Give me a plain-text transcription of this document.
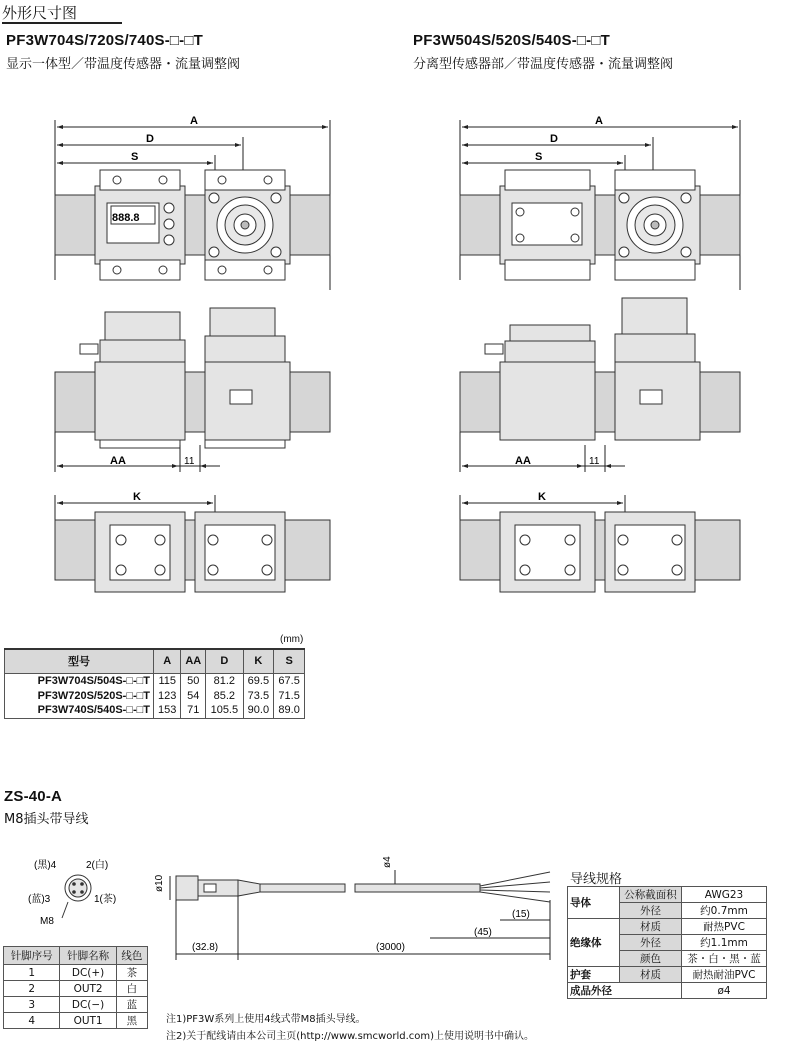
外形尺寸图
PF3W704S/720S/740S-□-□T
显示一体型／带温度传感器・流量调整阀
PF3W504S/520S/540S-□-□T
分离型传感器部／带温度传感器・流量调整阀
A
D
S
888.8
AA	11
K
A
D
S
AA	11
K
(mm)
型号	A	AA	D	K	S
PF3W704S/504S-□-□T	115	50	81.2	69.5	67.5
PF3W720S/520S-□-□T	123	54	85.2	73.5	71.5
PF3W740S/540S-□-□T	153	71	105.5	90.0	89.0
ZS-40-A
M8插头带导线
(黑)4	2(白)
(蓝)3	1(茶)
M8
ø10
ø4
(15)
(45)
(32.8)	(3000)
针脚序号	针脚名称	线色
1	DC(+)	茶
2	OUT2	白
3	DC(−)	蓝
4	OUT1	黑
导线规格
导体	公称截面积	AWG23
	外径	约0.7mm
绝缘体	材质	耐热PVC
	外径	约1.1mm
	颜色	茶・白・黑・蓝
护套	材质	耐热耐油PVC
成品外径		ø4
注1)PF3W系列上使用4线式带M8插头导线。
注2)关于配线请由本公司主页(http://www.smcworld.com)上使用说明书中确认。
